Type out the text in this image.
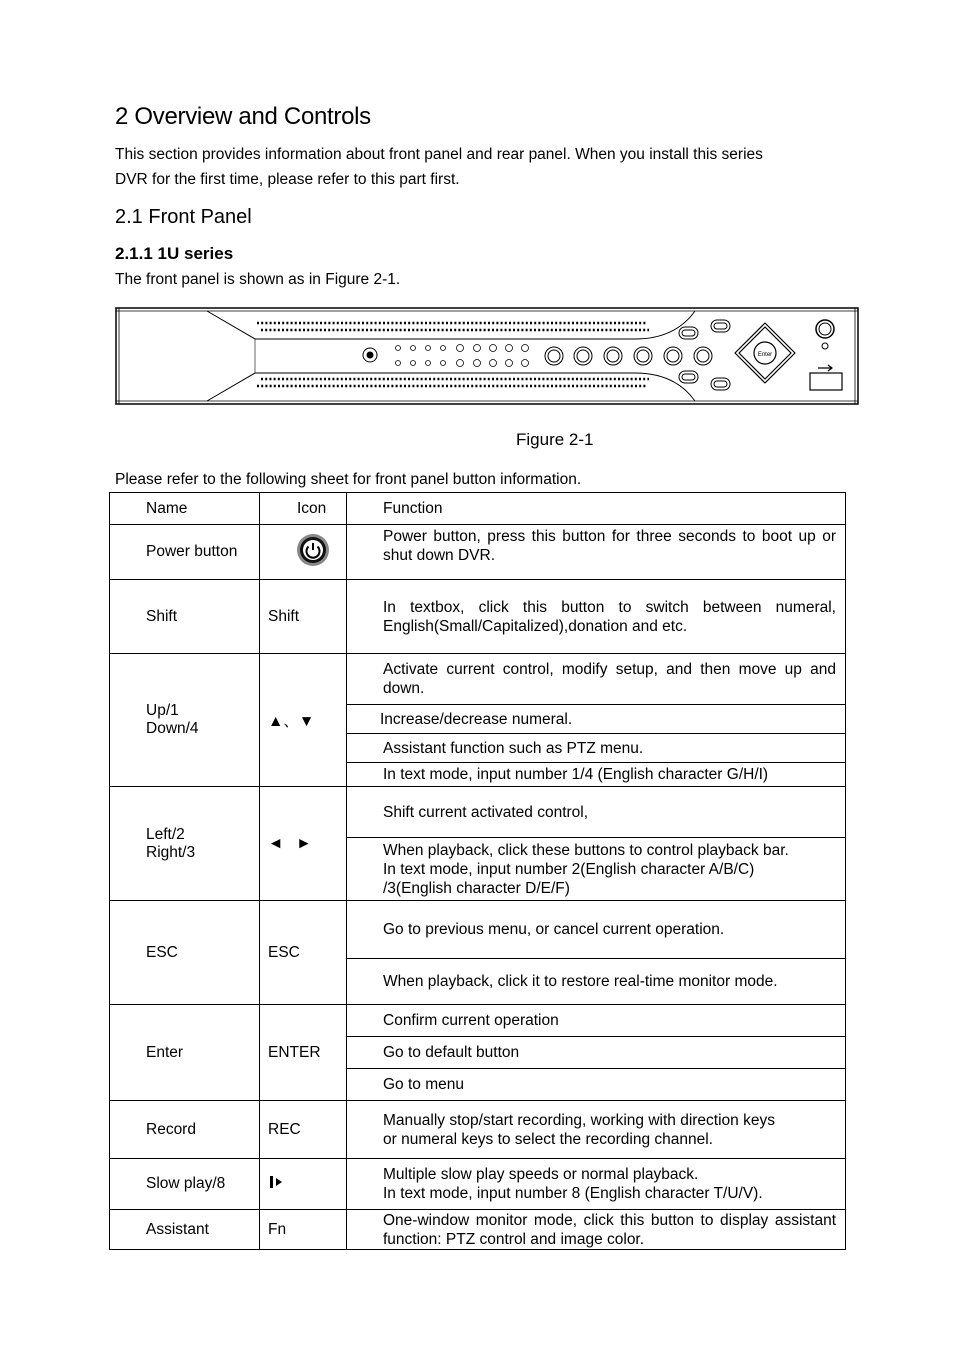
2 Overview and Controls
This section provides information about front panel and rear panel. When you install this series
DVR for the first time, please refer to this part first.
2.1 Front Panel
2.1.1 1U series
The front panel is shown as in Figure 2-1.
Enter
Figure 2-1
Please refer to the following sheet for front panel button information.
Name	Icon	Function
Power button		Power button, press this button for three seconds to boot up or shut down DVR.
Shift	Shift	In textbox, click this button to switch between numeral, English(Small/Capitalized),donation and etc.

Up/1
Down/4	▲、▼	Activate current control, modify setup, and then move up and down.
		Increase/decrease numeral.
		Assistant function such as PTZ menu.
		In text mode, input number 1/4 (English character G/H/I)

Left/2
Right/3	◄   ►	Shift current activated control,

		When playback, click these buttons to control playback bar.
In text mode, input number 2(English character A/B/C)
/3(English character D/E/F)

ESC	ESC	Go to previous menu, or cancel current operation.
		When playback, click it to restore real-time monitor mode.
Enter	ENTER	Confirm current operation
		Go to default button
		Go to menu
Record	REC	Manually stop/start recording, working with direction keys
or numeral keys to select the recording channel.

Slow play/8		Multiple slow play speeds or normal playback.
In text mode, input number 8 (English character T/U/V).

Assistant	Fn	One-window monitor mode, click this button to display assistant function: PTZ control and image color.
